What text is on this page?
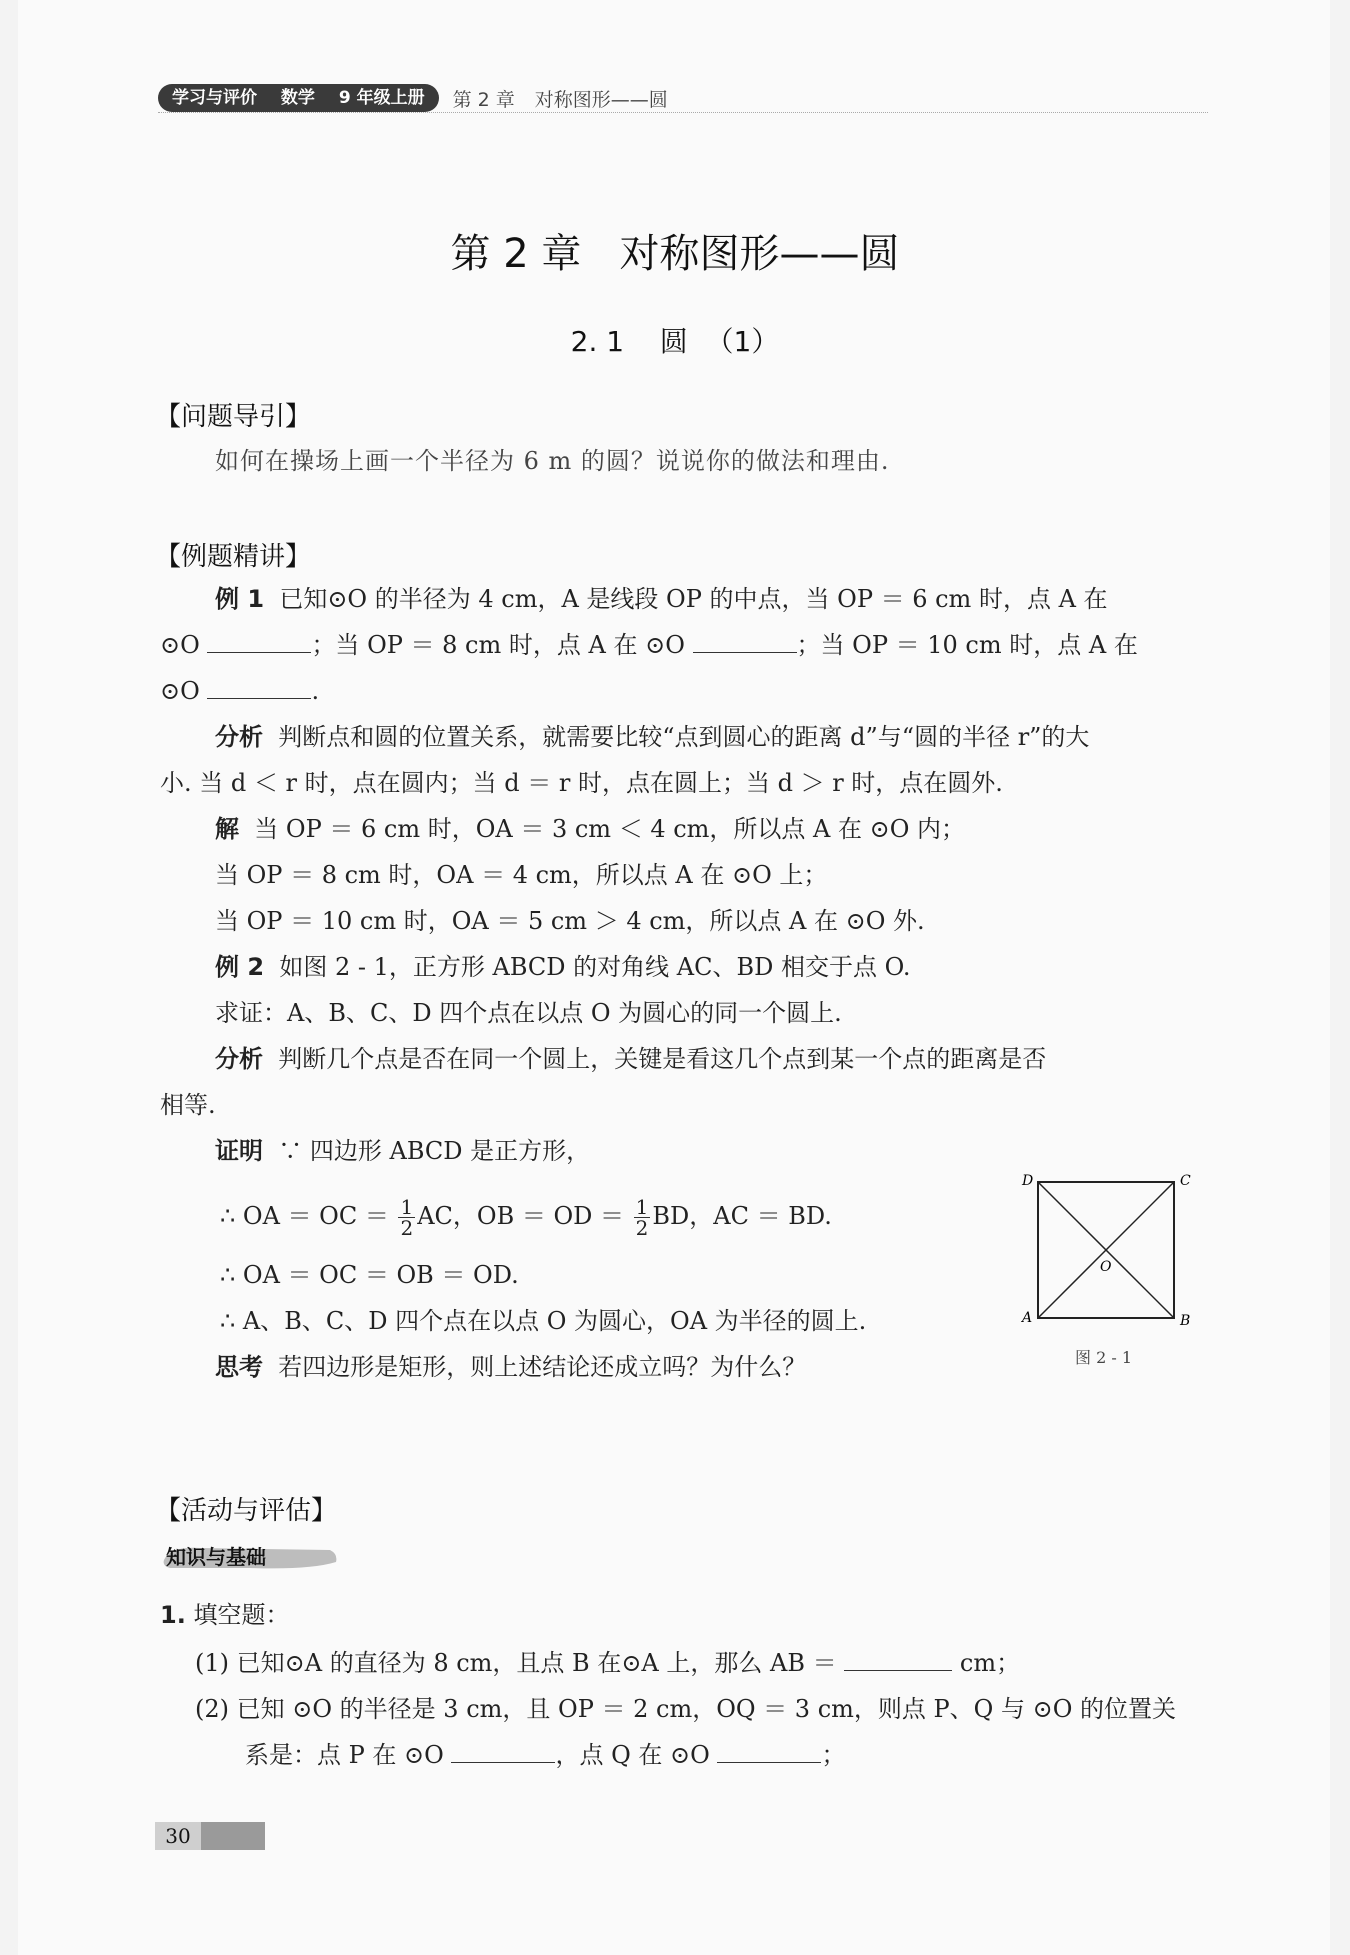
学习与评价 数学 9 年级上册	第 2 章 对称图形——圆
第 2 章   对称图形——圆
2. 1    圆  （1）
【问题导引】
如何在操场上画一个半径为 6 m 的圆？说说你的做法和理由.
【例题精讲】
例 1 已知⊙O 的半径为 4 cm，A 是线段 OP 的中点，当 OP ＝ 6 cm 时，点 A 在
⊙O	；当 OP ＝ 8 cm 时，点 A 在 ⊙O	；当 OP ＝ 10 cm 时，点 A 在
⊙O	.
分析 判断点和圆的位置关系，就需要比较“点到圆心的距离 d”与“圆的半径 r”的大
小. 当 d ＜ r 时，点在圆内；当 d ＝ r 时，点在圆上；当 d ＞ r 时，点在圆外.
解 当 OP ＝ 6 cm 时，OA ＝ 3 cm ＜ 4 cm，所以点 A 在 ⊙O 内；
当 OP ＝ 8 cm 时，OA ＝ 4 cm，所以点 A 在 ⊙O 上；
当 OP ＝ 10 cm 时，OA ＝ 5 cm ＞ 4 cm，所以点 A 在 ⊙O 外.
例 2 如图 2 - 1，正方形 ABCD 的对角线 AC、BD 相交于点 O.
求证：A、B、C、D 四个点在以点 O 为圆心的同一个圆上.
分析 判断几个点是否在同一个圆上，关键是看这几个点到某一个点的距离是否
相等.
证明 ∵ 四边形 ABCD 是正方形，
∴ OA ＝ OC ＝ $\frac{1}{2}$ AC，OB ＝ OD ＝ $\frac{1}{2}$ BD，AC ＝ BD.
∴ OA ＝ OC ＝ OB ＝ OD.
∴ A、B、C、D 四个点在以点 O 为圆心，OA 为半径的圆上.
思考 若四边形是矩形，则上述结论还成立吗？为什么？
D	C
A	B
O
图 2 - 1
【活动与评估】
知识与基础
1. 填空题：
(1) 已知⊙A 的直径为 8 cm，且点 B 在⊙A 上，那么 AB ＝	cm；
(2) 已知 ⊙O 的半径是 3 cm，且 OP ＝ 2 cm，OQ ＝ 3 cm，则点 P、Q 与 ⊙O 的位置关
系是：点 P 在 ⊙O	，点 Q 在 ⊙O	；
30
